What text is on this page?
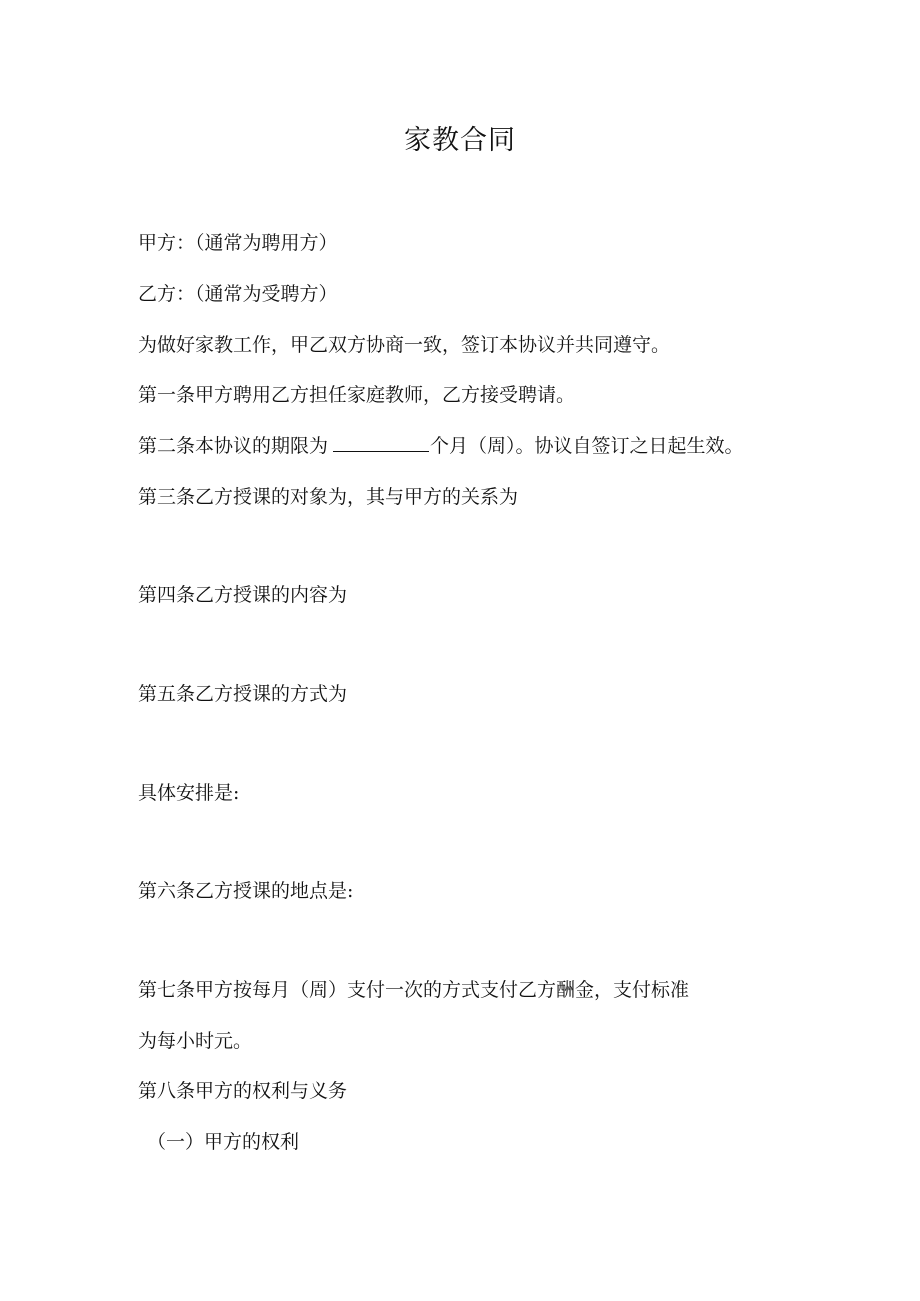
家教合同

甲方：（通常为聘用方）

乙方：（通常为受聘方）

为做好家教工作，甲乙双方协商一致，签订本协议并共同遵守。

第一条甲方聘用乙方担任家庭教师，乙方接受聘请。

第二条本协议的期限为	个月（周）。协议自签订之日起生效。

第三条乙方授课的对象为，其与甲方的关系为

第四条乙方授课的内容为

第五条乙方授课的方式为

具体安排是:

第六条乙方授课的地点是:

第七条甲方按每月（周）支付一次的方式支付乙方酬金，支付标准

为每小时元。

第八条甲方的权利与义务

（一）甲方的权利
